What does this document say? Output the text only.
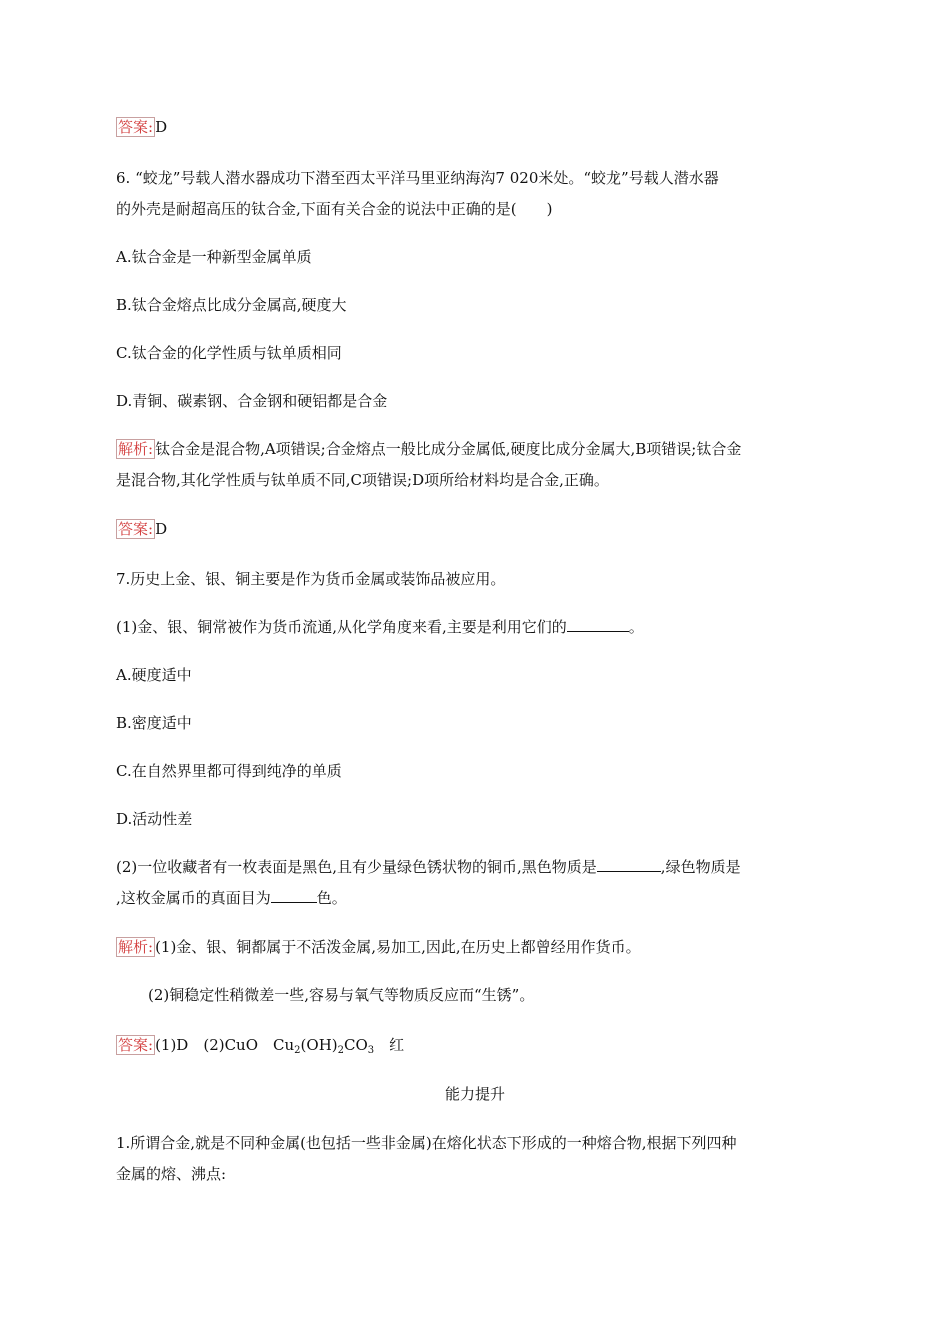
答案: D
6. “蛟龙”号载人潜水器成功下潜至西太平洋马里亚纳海沟7 020米处。“蛟龙”号载人潜水器
的外壳是耐超高压的钛合金,下面有关合金的说法中正确的是(　　)
A.钛合金是一种新型金属单质
B.钛合金熔点比成分金属高,硬度大
C.钛合金的化学性质与钛单质相同
D.青铜、碳素钢、合金钢和硬铝都是合金
解析: 钛合金是混合物,A项错误;合金熔点一般比成分金属低,硬度比成分金属大,B项错误;钛合金
是混合物,其化学性质与钛单质不同,C项错误;D项所给材料均是合金,正确。
答案: D
7.历史上金、银、铜主要是作为货币金属或装饰品被应用。
(1)金、银、铜常被作为货币流通,从化学角度来看,主要是利用它们的	。
A.硬度适中
B.密度适中
C.在自然界里都可得到纯净的单质
D.活动性差
(2)一位收藏者有一枚表面是黑色,且有少量绿色锈状物的铜币,黑色物质是	,绿色物质是
,这枚金属币的真面目为	色。
解析: (1)金、银、铜都属于不活泼金属,易加工,因此,在历史上都曾经用作货币。
(2)铜稳定性稍微差一些,容易与氧气等物质反应而“生锈”。
答案: (1)D　(2)CuO　$Cu_2(OH)_2CO_3$　红
能力提升
1.所谓合金,就是不同种金属(也包括一些非金属)在熔化状态下形成的一种熔合物,根据下列四种
金属的熔、沸点:
